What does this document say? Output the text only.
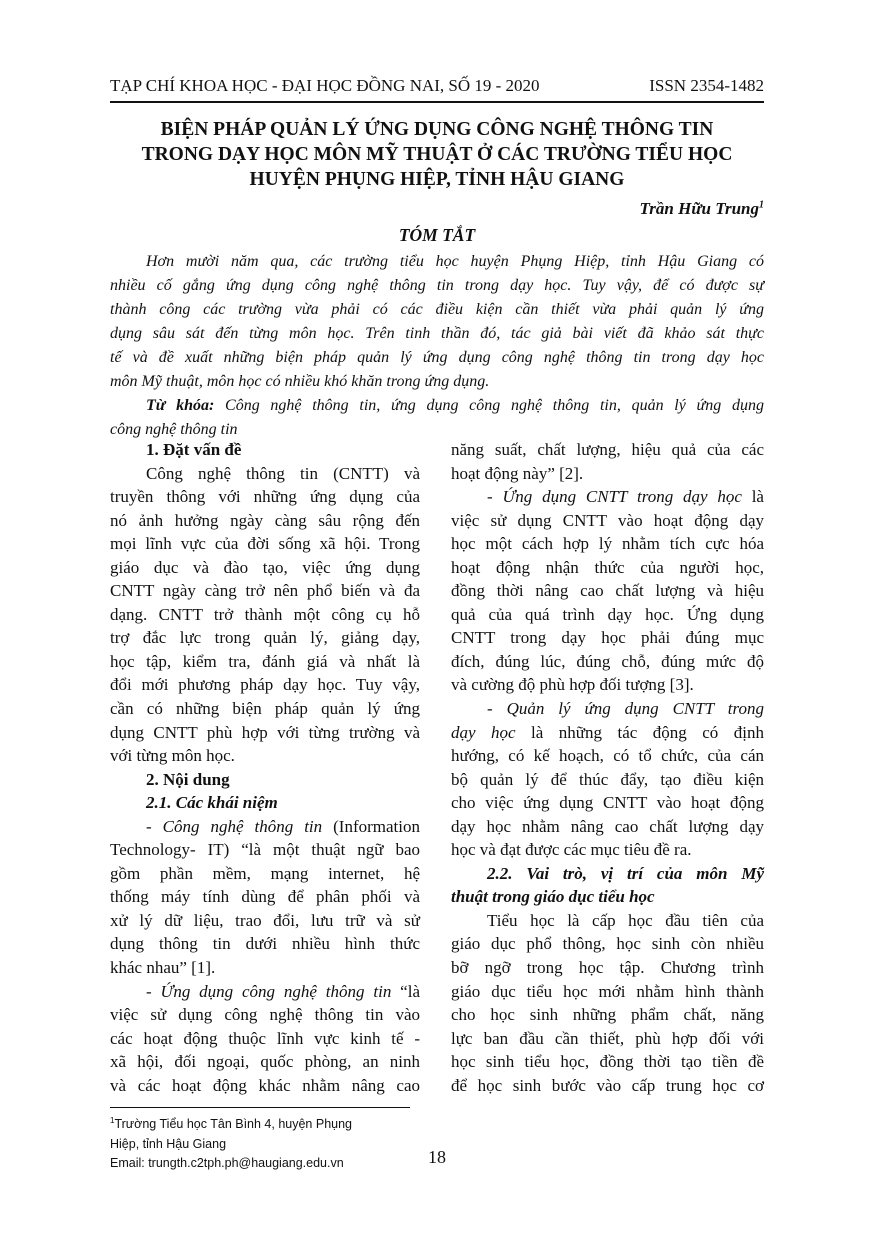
TẠP CHÍ KHOA HỌC - ĐẠI HỌC ĐỒNG NAI, SỐ 19 - 2020	ISSN 2354-1482
BIỆN PHÁP QUẢN LÝ ỨNG DỤNG CÔNG NGHỆ THÔNG TIN
TRONG DẠY HỌC MÔN MỸ THUẬT Ở CÁC TRƯỜNG TIỂU HỌC
HUYỆN PHỤNG HIỆP, TỈNH HẬU GIANG
Trần Hữu Trung$^1$
TÓM TẮT
Hơn mười năm qua, các trường tiểu học huyện Phụng Hiệp, tỉnh Hậu Giang có
nhiều cố gắng ứng dụng công nghệ thông tin trong dạy học. Tuy vậy, để có được sự
thành công các trường vừa phải có các điều kiện cần thiết vừa phải quản lý ứng
dụng sâu sát đến từng môn học. Trên tinh thần đó, tác giả bài viết đã khảo sát thực
tế và đề xuất những biện pháp quản lý ứng dụng công nghệ thông tin trong dạy học
môn Mỹ thuật, môn học có nhiều khó khăn trong ứng dụng.
Từ khóa: Công nghệ thông tin, ứng dụng công nghệ thông tin, quản lý ứng dụng
công nghệ thông tin
1. Đặt vấn đề
Công nghệ thông tin (CNTT) và
truyền thông với những ứng dụng của
nó ảnh hưởng ngày càng sâu rộng đến
mọi lĩnh vực của đời sống xã hội. Trong
giáo dục và đào tạo, việc ứng dụng
CNTT ngày càng trở nên phổ biến và đa
dạng. CNTT trở thành một công cụ hỗ
trợ đắc lực trong quản lý, giảng dạy,
học tập, kiểm tra, đánh giá và nhất là
đổi mới phương pháp dạy học. Tuy vậy,
cần có những biện pháp quản lý ứng
dụng CNTT phù hợp với từng trường và
với từng môn học.
2. Nội dung
2.1. Các khái niệm
- Công nghệ thông tin (Information
Technology- IT) “là một thuật ngữ bao
gồm phần mềm, mạng internet, hệ
thống máy tính dùng để phân phối và
xử lý dữ liệu, trao đổi, lưu trữ và sử
dụng thông tin dưới nhiều hình thức
khác nhau” [1].
- Ứng dụng công nghệ thông tin “là
việc sử dụng công nghệ thông tin vào
các hoạt động thuộc lĩnh vực kinh tế -
xã hội, đối ngoại, quốc phòng, an ninh
và các hoạt động khác nhằm nâng cao
năng suất, chất lượng, hiệu quả của các
hoạt động này” [2].
- Ứng dụng CNTT trong dạy học là
việc sử dụng CNTT vào hoạt động dạy
học một cách hợp lý nhằm tích cực hóa
hoạt động nhận thức của người học,
đồng thời nâng cao chất lượng và hiệu
quả của quá trình dạy học. Ứng dụng
CNTT trong dạy học phải đúng mục
đích, đúng lúc, đúng chỗ, đúng mức độ
và cường độ phù hợp đối tượng [3].
- Quản lý ứng dụng CNTT trong
dạy học là những tác động có định
hướng, có kế hoạch, có tổ chức, của cán
bộ quản lý để thúc đẩy, tạo điều kiện
cho việc ứng dụng CNTT vào hoạt động
dạy học nhằm nâng cao chất lượng dạy
học và đạt được các mục tiêu đề ra.
2.2. Vai trò, vị trí của môn Mỹ
thuật trong giáo dục tiểu học
Tiểu học là cấp học đầu tiên của
giáo dục phổ thông, học sinh còn nhiều
bỡ ngỡ trong học tập. Chương trình
giáo dục tiểu học mới nhằm hình thành
cho học sinh những phẩm chất, năng
lực ban đầu cần thiết, phù hợp đối với
học sinh tiểu học, đồng thời tạo tiền đề
để học sinh bước vào cấp trung học cơ
$^1$Trường Tiểu học Tân Bình 4, huyện Phụng
Hiệp, tỉnh Hậu Giang
Email: trungth.c2tph.ph@haugiang.edu.vn	18
